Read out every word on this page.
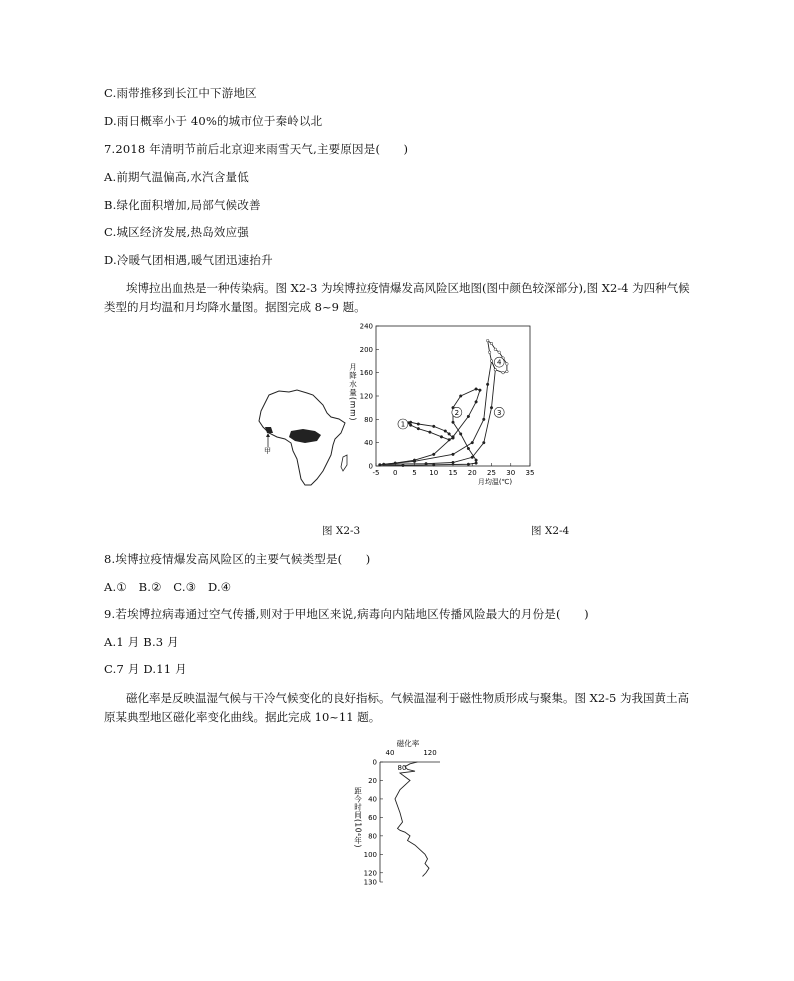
C.雨带推移到长江中下游地区
D.雨日概率小于 40%的城市位于秦岭以北
7.2018 年清明节前后北京迎来雨雪天气,主要原因是(　　)
A.前期气温偏高,水汽含量低
B.绿化面积增加,局部气候改善
C.城区经济发展,热岛效应强
D.冷暖气团相遇,暖气团迅速抬升
埃博拉出血热是一种传染病。图 X2-3 为埃博拉疫情爆发高风险区地图(图中颜色较深部分),图 X2-4 为四种气候类型的月均温和月均降水量图。据图完成 8~9 题。
甲
-5 0 5 10 15 20 25 30 35
0
40
80
120
160
200
240
月均温(℃)
月降水量(mm)
1
2	3
4
图 X2-3	图 X2-4
8.埃博拉疫情爆发高风险区的主要气候类型是(　　)
A.①　B.②　C.③　D.④
9.若埃博拉病毒通过空气传播,则对于甲地区来说,病毒向内陆地区传播风险最大的月份是(　　)
A.1 月 B.3 月
C.7 月 D.11 月
磁化率是反映温湿气候与干冷气候变化的良好指标。气候温湿利于磁性物质形成与聚集。图 X2-5 为我国黄土高原某典型地区磁化率变化曲线。据此完成 10~11 题。
磁化率
40	120
80
0
20
40
60
80
100
120
130
距今时间(10⁴年)
